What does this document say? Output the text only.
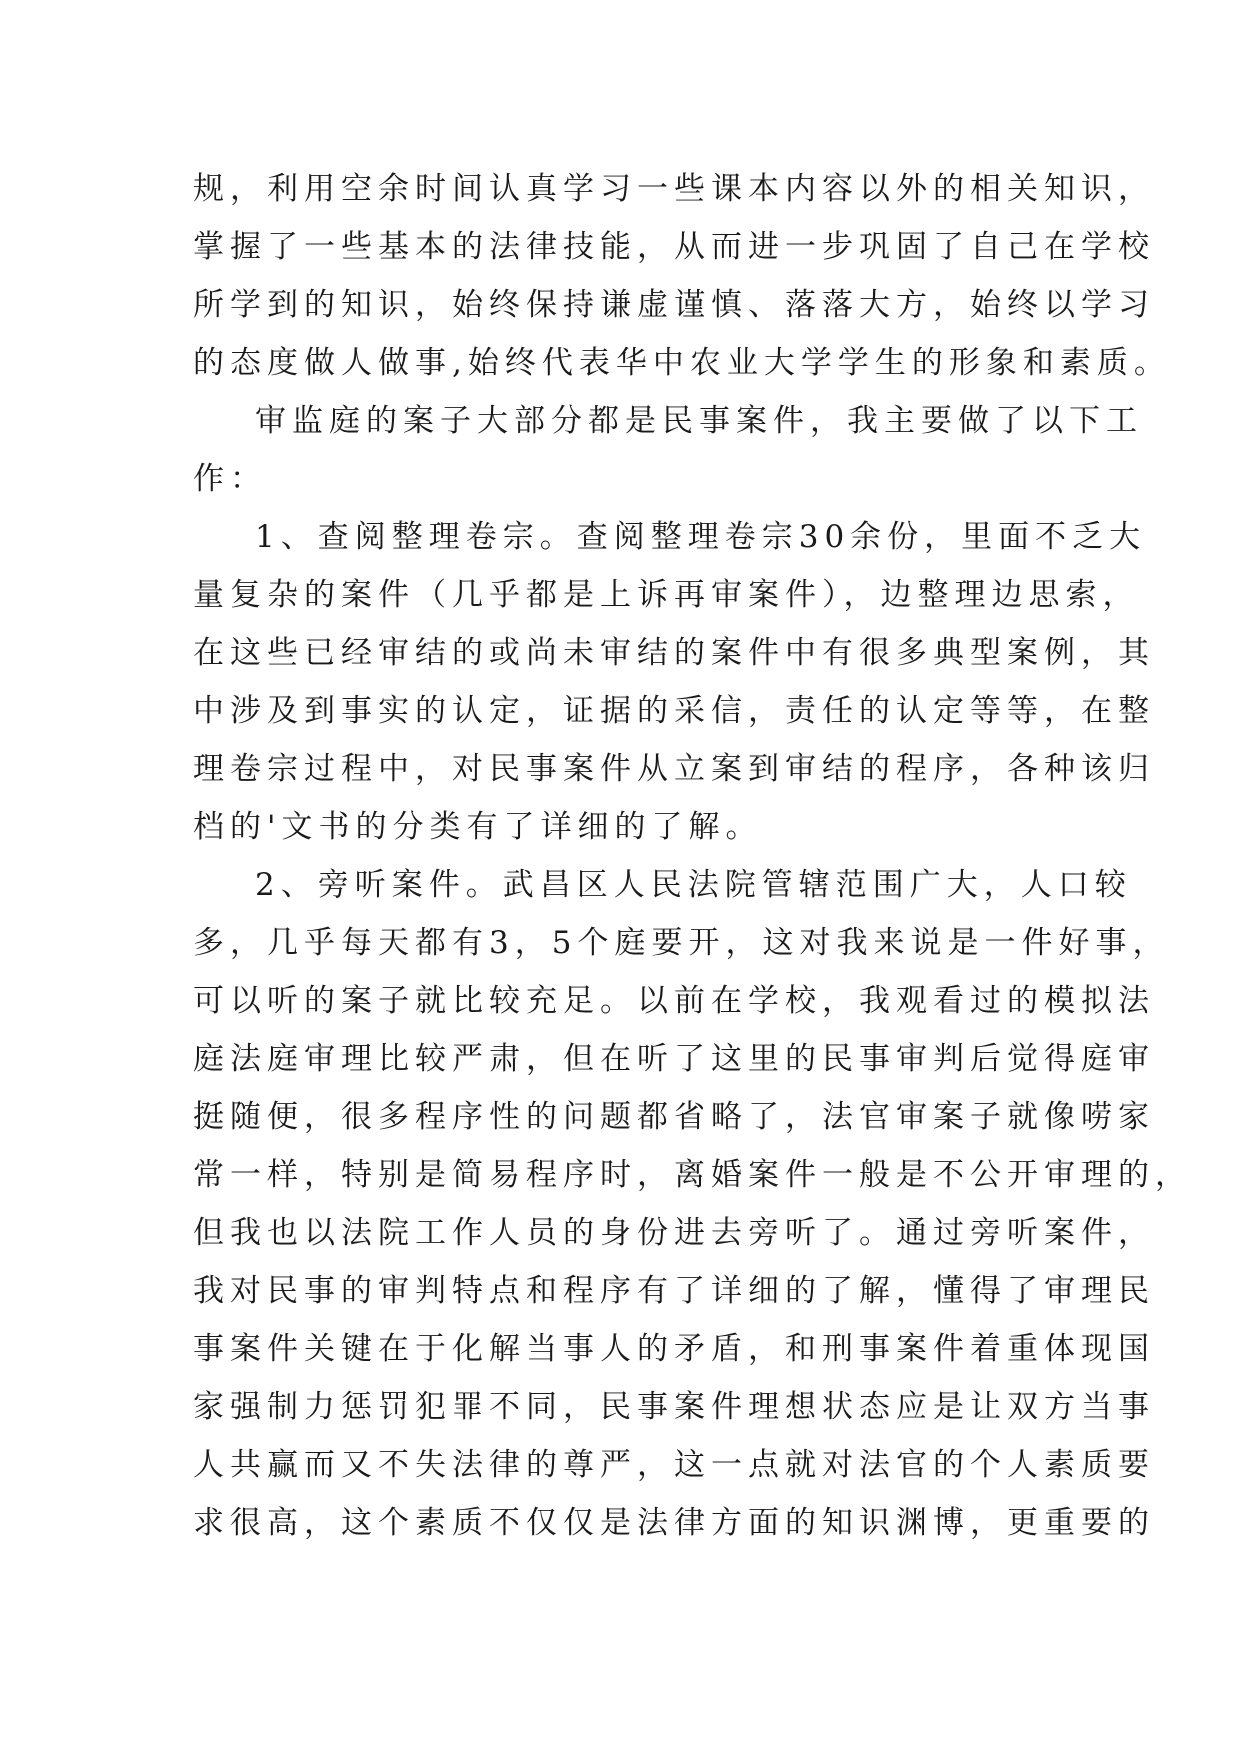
规，利用空余时间认真学习一些课本内容以外的相关知识，
掌握了一些基本的法律技能，从而进一步巩固了自己在学校
所学到的知识，始终保持谦虚谨慎、落落大方，始终以学习
的态度做人做事,始终代表华中农业大学学生的形象和素质。
审监庭的案子大部分都是民事案件，我主要做了以下工
作：
1、查阅整理卷宗。查阅整理卷宗30余份，里面不乏大
量复杂的案件（几乎都是上诉再审案件），边整理边思索，
在这些已经审结的或尚未审结的案件中有很多典型案例，其
中涉及到事实的认定，证据的采信，责任的认定等等，在整
理卷宗过程中，对民事案件从立案到审结的程序，各种该归
档的'文书的分类有了详细的了解。
2、旁听案件。武昌区人民法院管辖范围广大，人口较
多，几乎每天都有3，5个庭要开，这对我来说是一件好事，
可以听的案子就比较充足。以前在学校，我观看过的模拟法
庭法庭审理比较严肃，但在听了这里的民事审判后觉得庭审
挺随便，很多程序性的问题都省略了，法官审案子就像唠家
常一样，特别是简易程序时，离婚案件一般是不公开审理的，
但我也以法院工作人员的身份进去旁听了。通过旁听案件，
我对民事的审判特点和程序有了详细的了解，懂得了审理民
事案件关键在于化解当事人的矛盾，和刑事案件着重体现国
家强制力惩罚犯罪不同，民事案件理想状态应是让双方当事
人共赢而又不失法律的尊严，这一点就对法官的个人素质要
求很高，这个素质不仅仅是法律方面的知识渊博，更重要的
